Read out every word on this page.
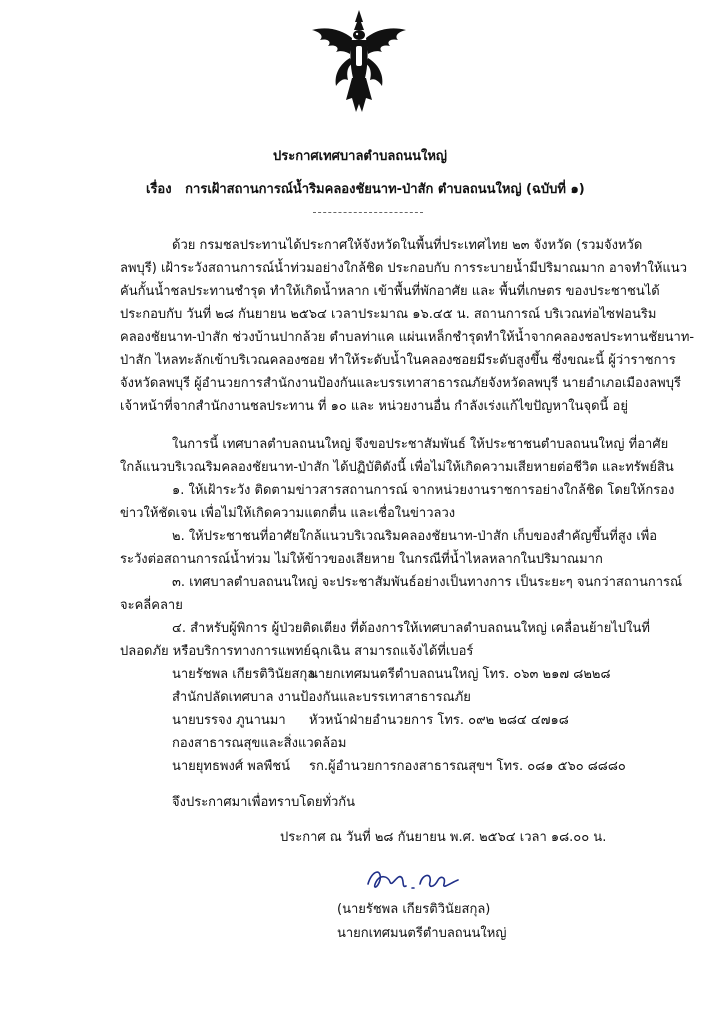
ประกาศเทศบาลตำบลถนนใหญ่
เรื่อง การเฝ้าสถานการณ์น้ำริมคลองชัยนาท-ป่าสัก ตำบลถนนใหญ่ (ฉบับที่ ๑)
ด้วย กรมชลประทานได้ประกาศให้จังหวัดในพื้นที่ประเทศไทย ๒๓ จังหวัด (รวมจังหวัด
ลพบุรี) เฝ้าระวังสถานการณ์น้ำท่วมอย่างใกล้ชิด ประกอบกับ การระบายน้ำมีปริมาณมาก อาจทำให้แนว
คันกั้นน้ำชลประทานชำรุด ทำให้เกิดน้ำหลาก เข้าพื้นที่พักอาศัย และ พื้นที่เกษตร ของประชาชนได้
ประกอบกับ วันที่ ๒๘ กันยายน ๒๕๖๔ เวลาประมาณ ๑๖.๔๕ น. สถานการณ์ บริเวณท่อไซฟอนริม
คลองชัยนาท-ป่าสัก ช่วงบ้านปากล้วย ตำบลท่าแค แผ่นเหล็กชำรุดทำให้น้ำจากคลองชลประทานชัยนาท-
ป่าสัก ไหลทะลักเข้าบริเวณคลองซอย ทำให้ระดับน้ำในคลองซอยมีระดับสูงขึ้น ซึ่งขณะนี้ ผู้ว่าราชการ
จังหวัดลพบุรี ผู้อำนวยการสำนักงานป้องกันและบรรเทาสาธารณภัยจังหวัดลพบุรี นายอำเภอเมืองลพบุรี
เจ้าหน้าที่จากสำนักงานชลประทาน ที่ ๑๐ และ หน่วยงานอื่น กำลังเร่งแก้ไขปัญหาในจุดนี้ อยู่
ในการนี้ เทศบาลตำบลถนนใหญ่ จึงขอประชาสัมพันธ์ ให้ประชาชนตำบลถนนใหญ่ ที่อาศัย
ใกล้แนวบริเวณริมคลองชัยนาท-ป่าสัก ได้ปฏิบัติดังนี้ เพื่อไม่ให้เกิดความเสียหายต่อชีวิต และทรัพย์สิน
๑. ให้เฝ้าระวัง ติดตามข่าวสารสถานการณ์ จากหน่วยงานราชการอย่างใกล้ชิด โดยให้กรอง
ข่าวให้ชัดเจน เพื่อไม่ให้เกิดความแตกตื่น และเชื่อในข่าวลวง
๒. ให้ประชาชนที่อาศัยใกล้แนวบริเวณริมคลองชัยนาท-ป่าสัก เก็บของสำคัญขึ้นที่สูง เพื่อ
ระวังต่อสถานการณ์น้ำท่วม ไม่ให้ข้าวของเสียหาย ในกรณีที่น้ำไหลหลากในปริมาณมาก
๓. เทศบาลตำบลถนนใหญ่ จะประชาสัมพันธ์อย่างเป็นทางการ เป็นระยะๆ จนกว่าสถานการณ์
จะคลี่คลาย
๔. สำหรับผู้พิการ ผู้ป่วยติดเตียง ที่ต้องการให้เทศบาลตำบลถนนใหญ่ เคลื่อนย้ายไปในที่
ปลอดภัย หรือบริการทางการแพทย์ฉุกเฉิน สามารถแจ้งได้ที่เบอร์
นายรัชพล เกียรติวินัยสกุล
นายกเทศมนตรีตำบลถนนใหญ่ โทร. ๐๖๓ ๒๑๗ ๘๒๒๘
สำนักปลัดเทศบาล งานป้องกันและบรรเทาสาธารณภัย
นายบรรจง ภูนานมา หัวหน้าฝ่ายอำนวยการ โทร. ๐๙๒ ๒๘๔ ๔๗๑๘
กองสาธารณสุขและสิ่งแวดล้อม
นายยุทธพงศ์ พลพืชน์ รก.ผู้อำนวยการกองสาธารณสุขฯ โทร. ๐๘๑ ๕๖๐ ๘๘๘๐
จึงประกาศมาเพื่อทราบโดยทั่วกัน
ประกาศ ณ วันที่ ๒๘ กันยายน พ.ศ. ๒๕๖๔ เวลา ๑๘.๐๐ น.
(นายรัชพล เกียรติวินัยสกุล)
นายกเทศมนตรีตำบลถนนใหญ่
